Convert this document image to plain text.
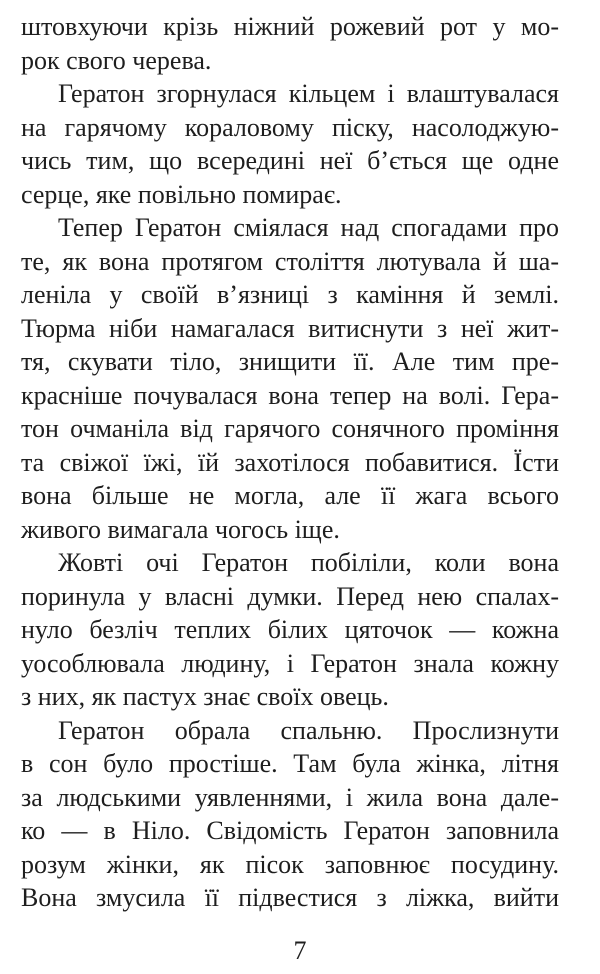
штовхуючи крізь ніжний рожевий рот у мо-
рок свого черева.
Гератон згорнулася кільцем і влаштувалася
на гарячому кораловому піску, насолоджую-
чись тим, що всередині неї б’ється ще одне
серце, яке повільно помирає.
Тепер Гератон сміялася над спогадами про
те, як вона протягом століття лютувала й ша-
леніла у своїй в’язниці з каміння й землі.
Тюрма ніби намагалася витиснути з неї жит-
тя, скувати тіло, знищити її. Але тим пре-
красніше почувалася вона тепер на волі. Гера-
тон очманіла від гарячого сонячного проміння
та свіжої їжі, їй захотілося побавитися. Їсти
вона більше не могла, але її жага всього
живого вимагала чогось іще.
Жовті очі Гератон побіліли, коли вона
поринула у власні думки. Перед нею спалах-
нуло безліч теплих білих цяточок — кожна
уособлювала людину, і Гератон знала кожну
з них, як пастух знає своїх овець.
Гератон обрала спальню. Прослизнути
в сон було простіше. Там була жінка, літня
за людськими уявленнями, і жила вона дале-
ко — в Ніло. Свідомість Гератон заповнила
розум жінки, як пісок заповнює посудину.
Вона змусила її підвестися з ліжка, вийти
7
